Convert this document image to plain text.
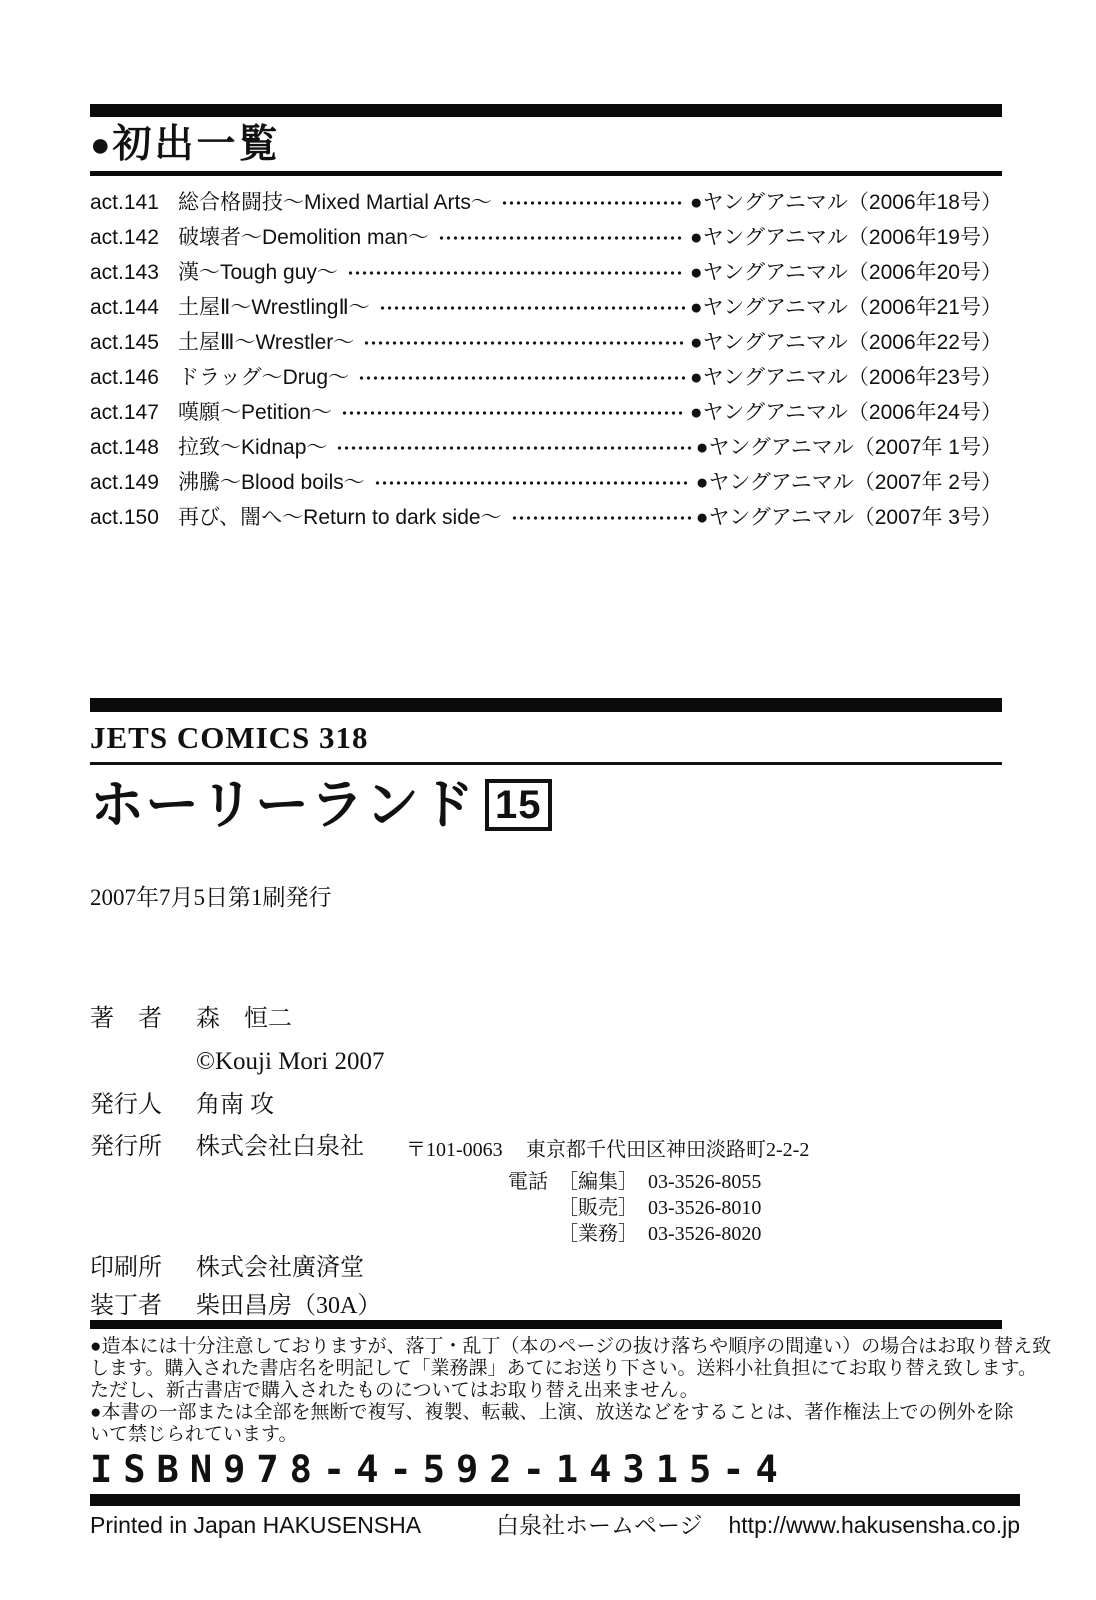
● 初出一覧
act.141 総合格闘技～Mixed Martial Arts～	●ヤングアニマル（2006年18号）
act.142 破壊者～Demolition man～	●ヤングアニマル（2006年19号）
act.143 漢～Tough guy～	●ヤングアニマル（2006年20号）
act.144 土屋Ⅱ～WrestlingⅡ～	●ヤングアニマル（2006年21号）
act.145 土屋Ⅲ～Wrestler～	●ヤングアニマル（2006年22号）
act.146 ドラッグ～Drug～	●ヤングアニマル（2006年23号）
act.147 嘆願～Petition～	●ヤングアニマル（2006年24号）
act.148 拉致～Kidnap～	●ヤングアニマル（2007年 1号）
act.149 沸騰～Blood boils～	●ヤングアニマル（2007年 2号）
act.150 再び、闇へ～Return to dark side～	●ヤングアニマル（2007年 3号）
JETS COMICS 318
ホーリーランド 15
2007年7月5日第1刷発行
著　者	森　恒二
©Kouji Mori 2007
発行人	角南 攻
発行所	株式会社白泉社	〒101-0063	東京都千代田区神田淡路町2-2-2
電話 ［編集］ 03-3526-8055
［販売］ 03-3526-8010
［業務］ 03-3526-8020
印刷所	株式会社廣済堂
装丁者	柴田昌房（30A）
●造本には十分注意しておりますが、落丁・乱丁（本のページの抜け落ちや順序の間違い）の場合はお取り替え致
します。購入された書店名を明記して「業務課」あてにお送り下さい。送料小社負担にてお取り替え致します。
ただし、新古書店で購入されたものについてはお取り替え出来ません。
●本書の一部または全部を無断で複写、複製、転載、上演、放送などをすることは、著作権法上での例外を除
いて禁じられています。
ISBN978-4-592-14315-4
Printed in Japan HAKUSENSHA	白泉社ホームページ http://www.hakusensha.co.jp
